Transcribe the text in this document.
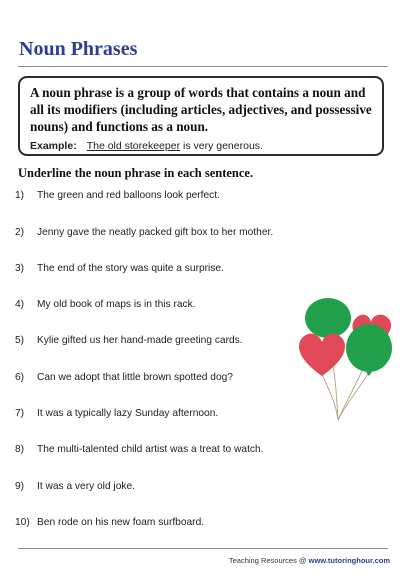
Noun Phrases

A noun phrase is a group of words that contains a noun and all its modifiers (including articles, adjectives, and possessive nouns) and functions as a noun.

Example: The old storekeeper is very generous.
Underline the noun phrase in each sentence.
1) The green and red balloons look perfect.
2) Jenny gave the neatly packed gift box to her mother.
3) The end of the story was quite a surprise.
4) My old book of maps is in this rack.
5) Kylie gifted us her hand-made greeting cards.
6) Can we adopt that little brown spotted dog?
7) It was a typically lazy Sunday afternoon.
8) The multi-talented child artist was a treat to watch.
9) It was a very old joke.
10) Ben rode on his new foam surfboard.
Teaching Resources @ www.tutoringhour.com
